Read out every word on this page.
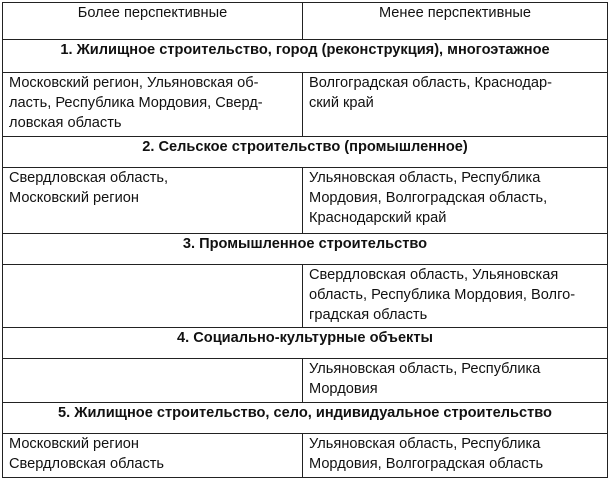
Более перспективные	Менее перспективные
1. Жилищное строительство, город (реконструкция), многоэтажное	
Московский регион, Ульяновская об-
ласть, Республика Мордовия, Сверд-
ловская область	Волгоградская область, Краснодар-
ский край
2. Сельское строительство (промышленное)	
Свердловская область,
Московский регион	Ульяновская область, Республика
Мордовия, Волгоградская область,
Краснодарский край
3. Промышленное строительство	
	Свердловская область, Ульяновская
область, Республика Мордовия, Волго-
градская область
4. Социально-культурные объекты	
	Ульяновская область, Республика
Мордовия
5. Жилищное строительство, село, индивидуальное строительство	
Московский регион
Свердловская область	Ульяновская область, Республика
Мордовия, Волгоградская область
